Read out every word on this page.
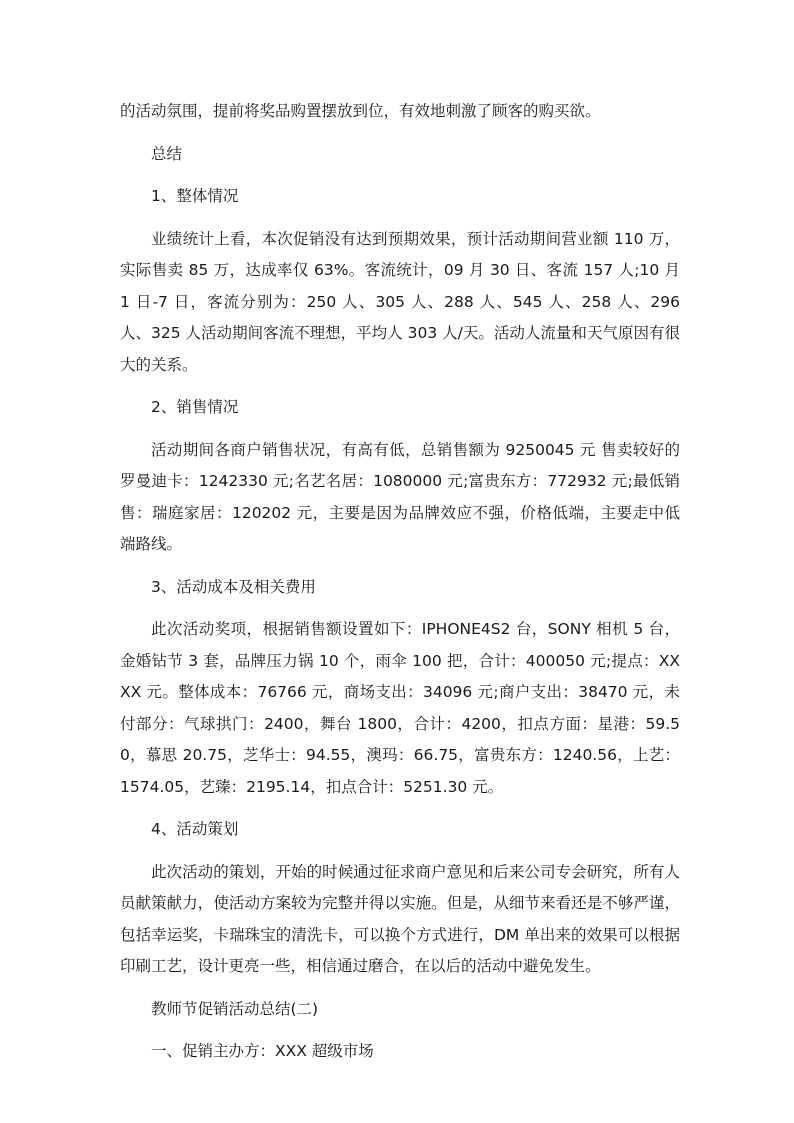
的活动氛围，提前将奖品购置摆放到位，有效地刺激了顾客的购买欲。

总结

1、整体情况

业绩统计上看，本次促销没有达到预期效果，预计活动期间营业额 110 万，实际售卖 85 万，达成率仅 63%。客流统计，09 月 30 日、客流 157 人;10 月 1 日-7 日，客流分别为：250 人、305 人、288 人、545 人、258 人、296 人、325 人活动期间客流不理想，平均人 303 人/天。活动人流量和天气原因有很大的关系。

2、销售情况

活动期间各商户销售状况，有高有低，总销售额为 9250045 元 售卖较好的罗曼迪卡：1242330 元;名艺名居：1080000 元;富贵东方：772932 元;最低销售：瑞庭家居：120202 元，主要是因为品牌效应不强，价格低端，主要走中低端路线。

3、活动成本及相关费用

此次活动奖项，根据销售额设置如下：IPHONE4S2 台，SONY 相机 5 台，金婚钻节 3 套，品牌压力锅 10 个，雨伞 100 把，合计：400050 元;提点：XXXX 元。整体成本：76766 元，商场支出：34096 元;商户支出：38470 元，未付部分：气球拱门：2400，舞台 1800，合计：4200，扣点方面：星港：59.50，慕思 20.75，芝华士：94.55，澳玛：66.75，富贵东方：1240.56，上艺：1574.05，艺臻：2195.14，扣点合计：5251.30 元。

4、活动策划

此次活动的策划，开始的时候通过征求商户意见和后来公司专会研究，所有人员献策献力，使活动方案较为完整并得以实施。但是，从细节来看还是不够严谨，包括幸运奖，卡瑞珠宝的清洗卡，可以换个方式进行，DM 单出来的效果可以根据印刷工艺，设计更亮一些，相信通过磨合，在以后的活动中避免发生。

教师节促销活动总结(二)

一、促销主办方：XXX 超级市场
